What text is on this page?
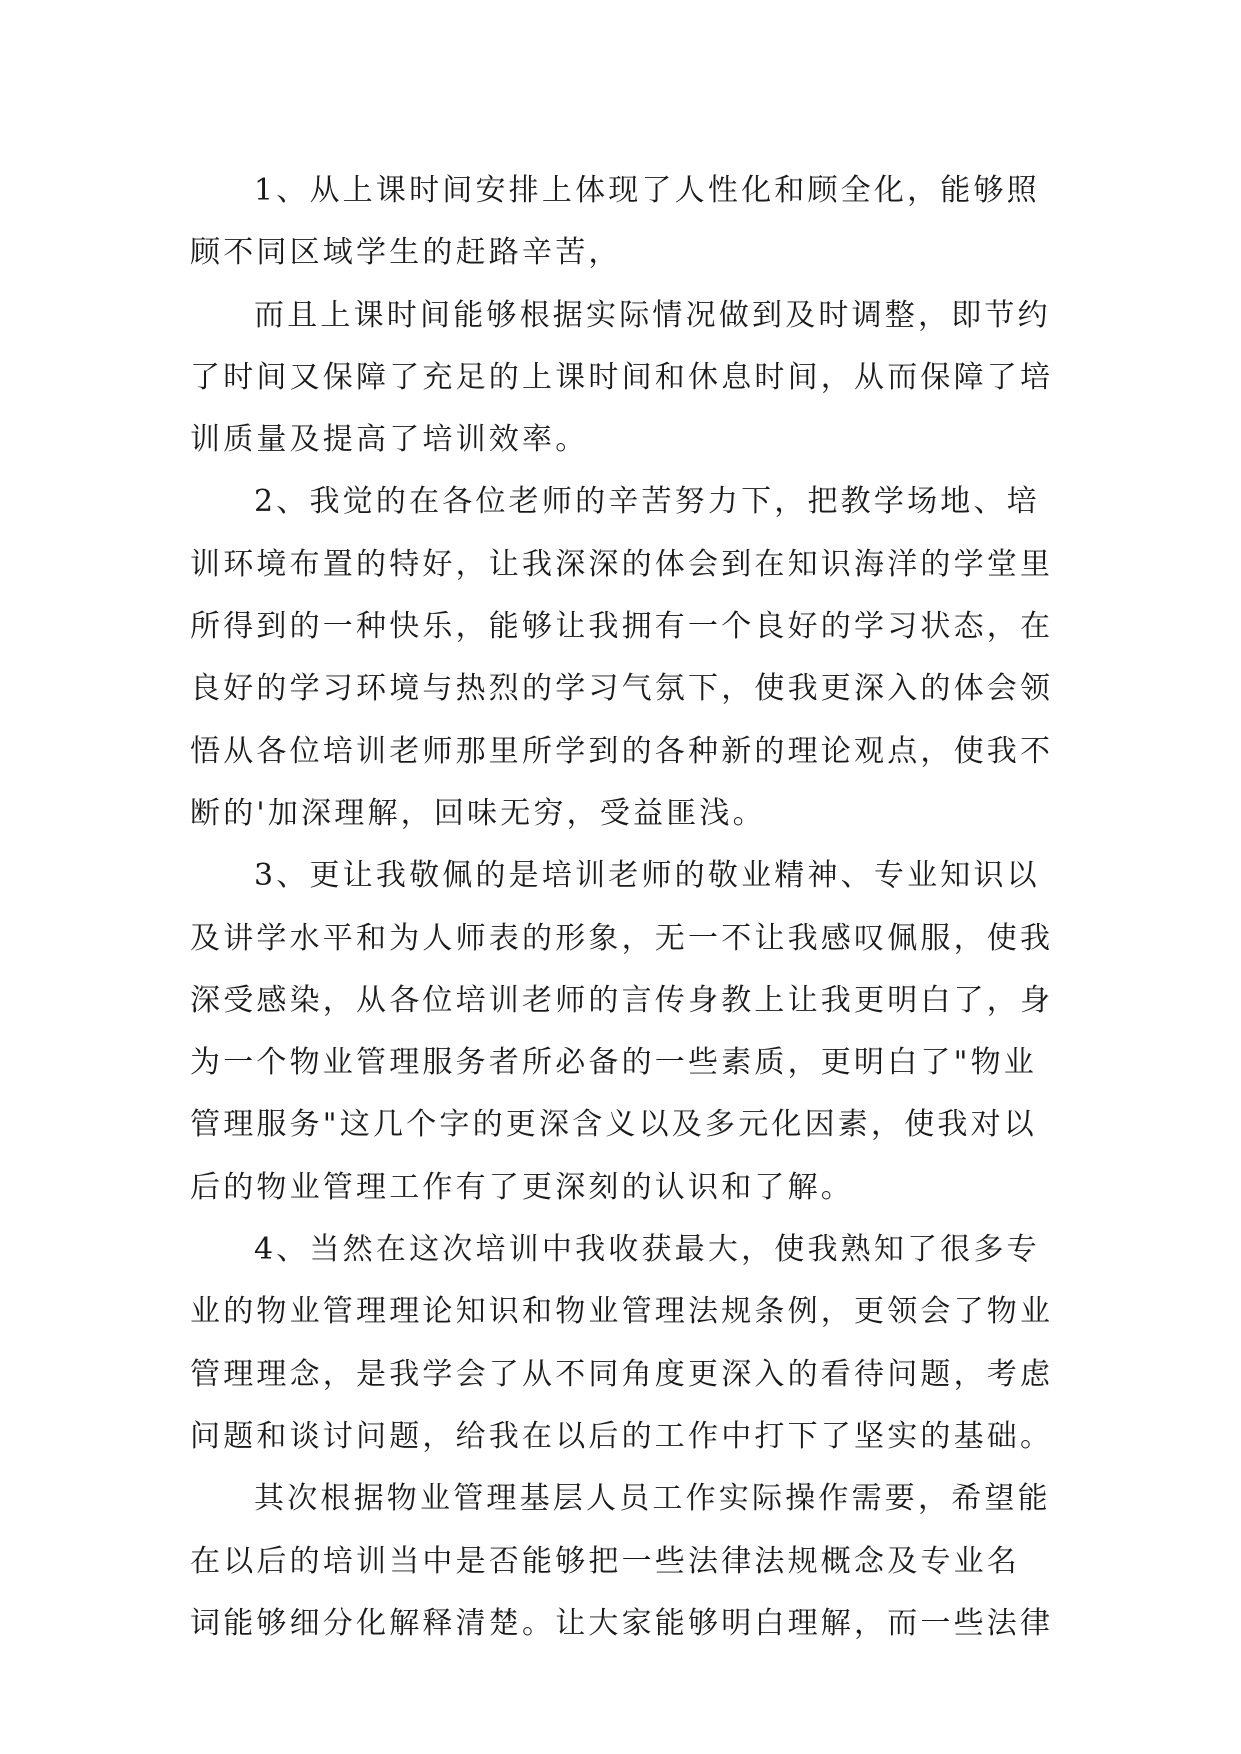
1、从上课时间安排上体现了人性化和顾全化，能够照
顾不同区域学生的赶路辛苦，
而且上课时间能够根据实际情况做到及时调整，即节约
了时间又保障了充足的上课时间和休息时间，从而保障了培
训质量及提高了培训效率。
2、我觉的在各位老师的辛苦努力下，把教学场地、培
训环境布置的特好，让我深深的体会到在知识海洋的学堂里
所得到的一种快乐，能够让我拥有一个良好的学习状态，在
良好的学习环境与热烈的学习气氛下，使我更深入的体会领
悟从各位培训老师那里所学到的各种新的理论观点，使我不
断的'加深理解，回味无穷，受益匪浅。
3、更让我敬佩的是培训老师的敬业精神、专业知识以
及讲学水平和为人师表的形象，无一不让我感叹佩服，使我
深受感染，从各位培训老师的言传身教上让我更明白了，身
为一个物业管理服务者所必备的一些素质，更明白了"物业
管理服务"这几个字的更深含义以及多元化因素，使我对以
后的物业管理工作有了更深刻的认识和了解。
4、当然在这次培训中我收获最大，使我熟知了很多专
业的物业管理理论知识和物业管理法规条例，更领会了物业
管理理念，是我学会了从不同角度更深入的看待问题，考虑
问题和谈讨问题，给我在以后的工作中打下了坚实的基础。
其次根据物业管理基层人员工作实际操作需要，希望能
在以后的培训当中是否能够把一些法律法规概念及专业名
词能够细分化解释清楚。让大家能够明白理解，而一些法律
